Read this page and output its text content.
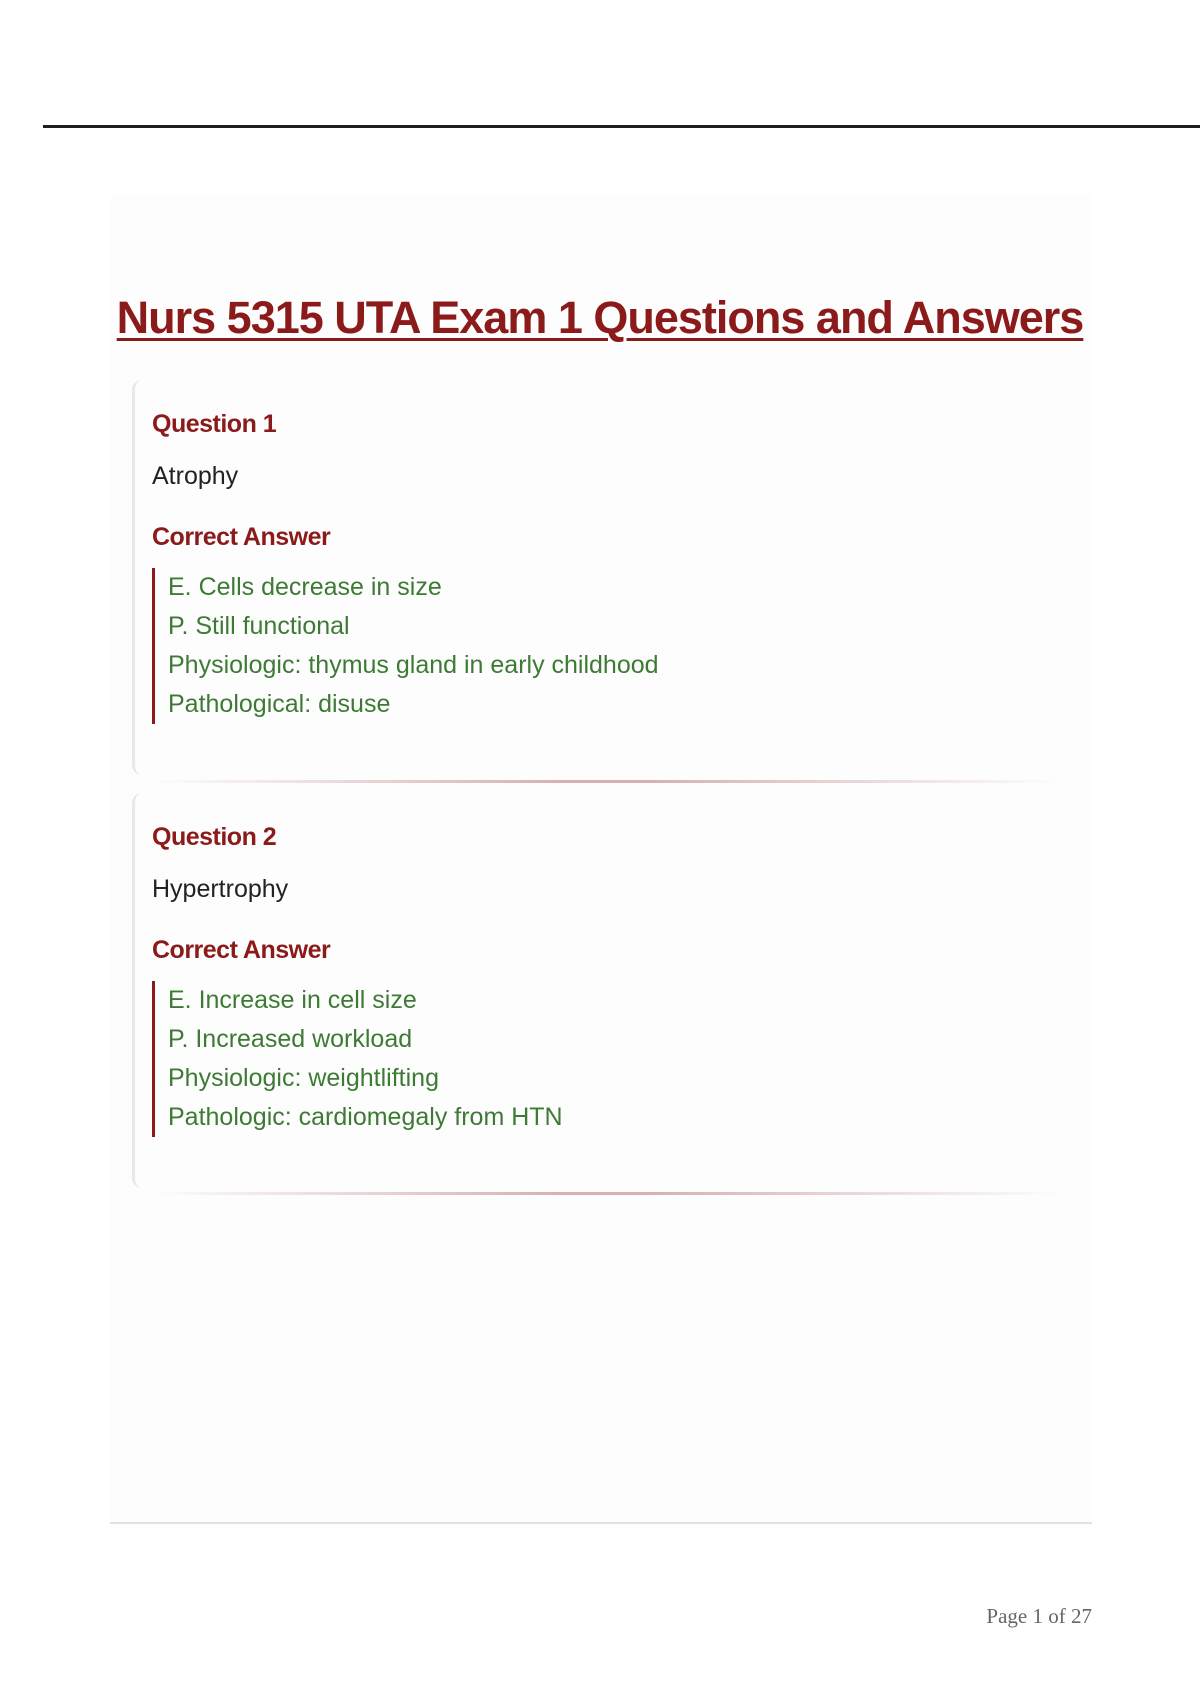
Nurs 5315 UTA Exam 1 Questions and Answers
Question 1

Atrophy

Correct Answer
E. Cells decrease in size
P. Still functional
Physiologic: thymus gland in early childhood
Pathological: disuse
Question 2

Hypertrophy

Correct Answer
E. Increase in cell size
P. Increased workload
Physiologic: weightlifting
Pathologic: cardiomegaly from HTN

Page 1 of 27
